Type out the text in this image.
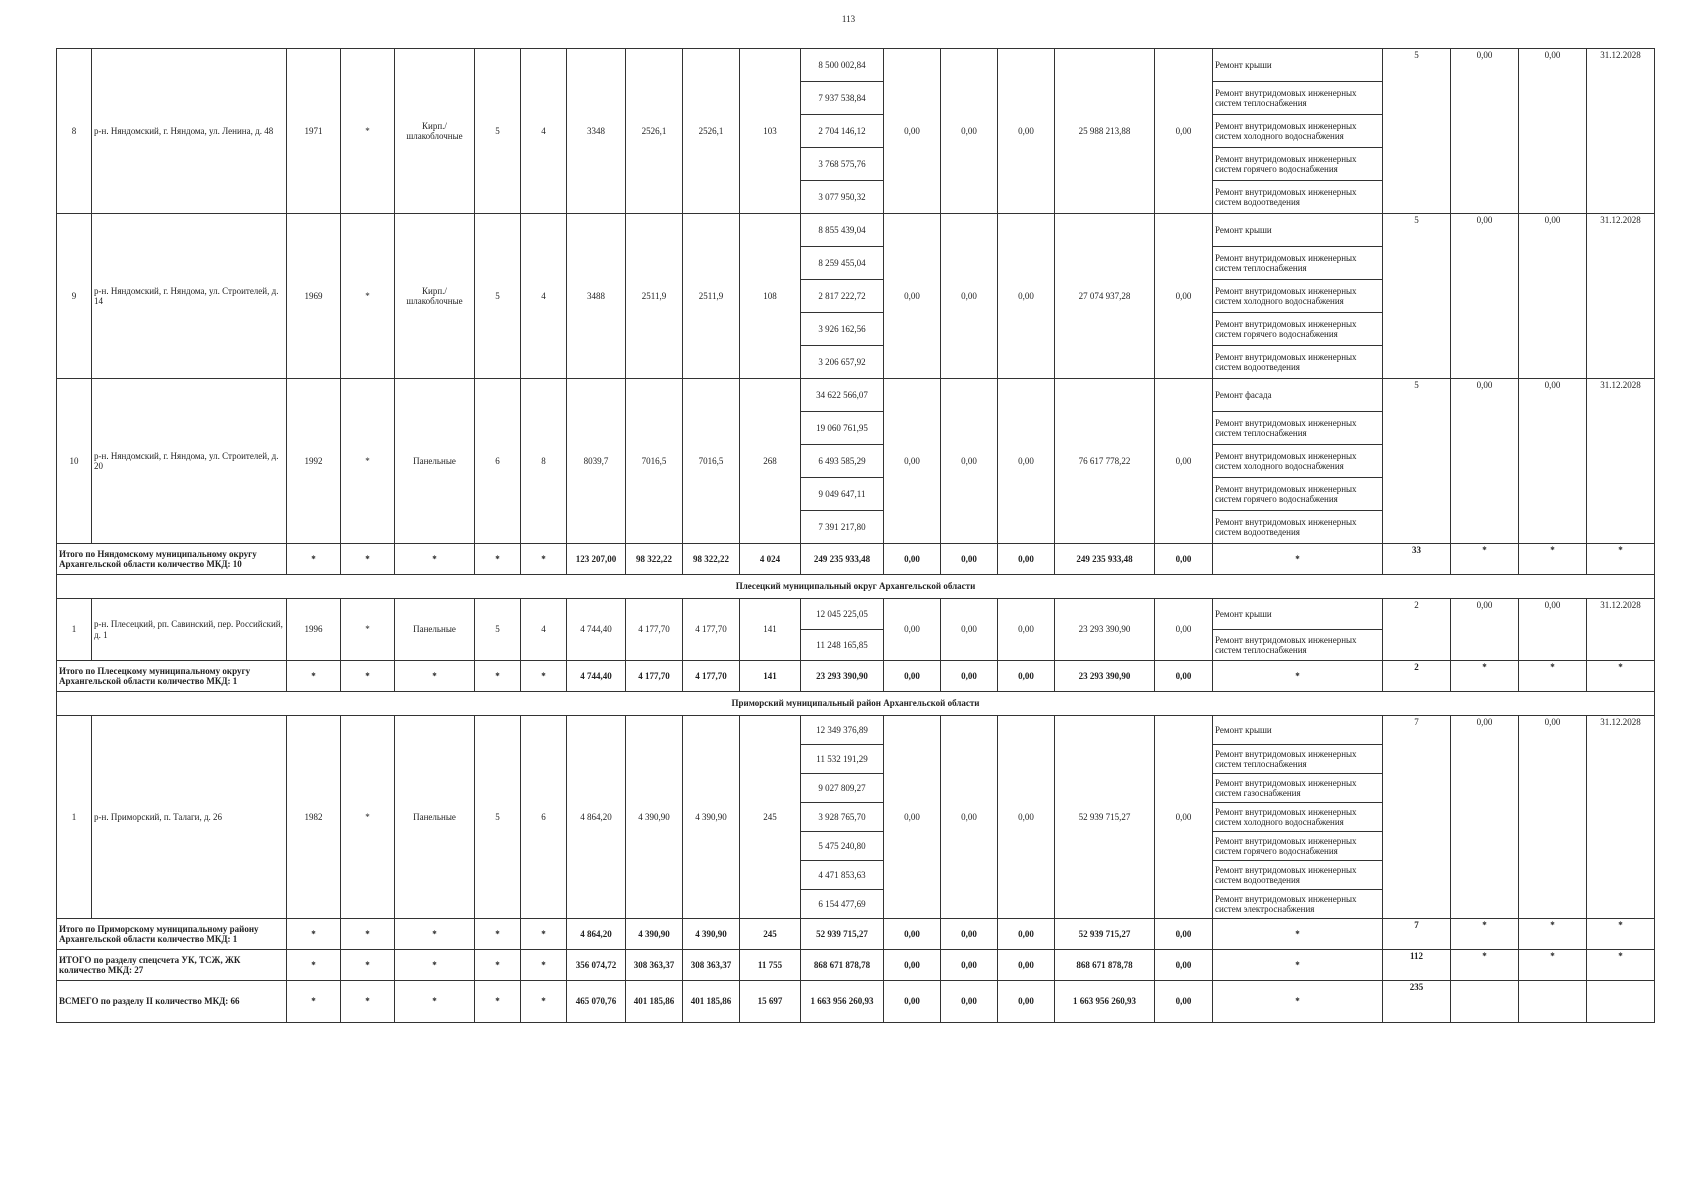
113
8	р-н. Няндомский, г. Няндома, ул. Ленина, д. 48	1971	*	Кирп./ шлакоблочные	5	4	3348	2526,1	2526,1	103	8 500 002,84	0,00	0,00	0,00	25 988 213,88	0,00	Ремонт крыши	5	0,00	0,00	31.12.2028
											7 937 538,84						Ремонт внутридомовых инженерных систем теплоснабжения				
											2 704 146,12						Ремонт внутридомовых инженерных систем холодного водоснабжения				
											3 768 575,76						Ремонт внутридомовых инженерных систем горячего водоснабжения				
											3 077 950,32						Ремонт внутридомовых инженерных систем водоотведения				
9	р-н. Няндомский, г. Няндома, ул. Строителей, д. 14	1969	*	Кирп./ шлакоблочные	5	4	3488	2511,9	2511,9	108	8 855 439,04	0,00	0,00	0,00	27 074 937,28	0,00	Ремонт крыши	5	0,00	0,00	31.12.2028
											8 259 455,04						Ремонт внутридомовых инженерных систем теплоснабжения				
											2 817 222,72						Ремонт внутридомовых инженерных систем холодного водоснабжения				
											3 926 162,56						Ремонт внутридомовых инженерных систем горячего водоснабжения				
											3 206 657,92						Ремонт внутридомовых инженерных систем водоотведения				
10	р-н. Няндомский, г. Няндома, ул. Строителей, д. 20	1992	*	Панельные	6	8	8039,7	7016,5	7016,5	268	34 622 566,07	0,00	0,00	0,00	76 617 778,22	0,00	Ремонт фасада	5	0,00	0,00	31.12.2028
											19 060 761,95						Ремонт внутридомовых инженерных систем теплоснабжения				
											6 493 585,29						Ремонт внутридомовых инженерных систем холодного водоснабжения				
											9 049 647,11						Ремонт внутридомовых инженерных систем горячего водоснабжения				
											7 391 217,80						Ремонт внутридомовых инженерных систем водоотведения				
Итого по Няндомскому муниципальному округу Архангельской области количество МКД: 10		*	*	*	*	*	123 207,00	98 322,22	98 322,22	4 024	249 235 933,48	0,00	0,00	0,00	249 235 933,48	0,00	*	33	*	*	*
Плесецкий муниципальный округ Архангельской области																					
1	р-н. Плесецкий, рп. Савинский, пер. Российский, д. 1	1996	*	Панельные	5	4	4 744,40	4 177,70	4 177,70	141	12 045 225,05	0,00	0,00	0,00	23 293 390,90	0,00	Ремонт крыши	2	0,00	0,00	31.12.2028
											11 248 165,85						Ремонт внутридомовых инженерных систем теплоснабжения				
Итого по Плесецкому муниципальному округу Архангельской области количество МКД: 1		*	*	*	*	*	4 744,40	4 177,70	4 177,70	141	23 293 390,90	0,00	0,00	0,00	23 293 390,90	0,00	*	2	*	*	*
Приморский муниципальный район Архангельской области																					
1	р-н. Приморский, п. Талаги, д. 26	1982	*	Панельные	5	6	4 864,20	4 390,90	4 390,90	245	12 349 376,89	0,00	0,00	0,00	52 939 715,27	0,00	Ремонт крыши	7	0,00	0,00	31.12.2028
											11 532 191,29						Ремонт внутридомовых инженерных систем теплоснабжения				
											9 027 809,27						Ремонт внутридомовых инженерных систем газоснабжения				
											3 928 765,70						Ремонт внутридомовых инженерных систем холодного водоснабжения				
											5 475 240,80						Ремонт внутридомовых инженерных систем горячего водоснабжения				
											4 471 853,63						Ремонт внутридомовых инженерных систем водоотведения				
											6 154 477,69						Ремонт внутридомовых инженерных систем электроснабжения				
Итого по Приморскому муниципальному району Архангельской области количество МКД: 1		*	*	*	*	*	4 864,20	4 390,90	4 390,90	245	52 939 715,27	0,00	0,00	0,00	52 939 715,27	0,00	*	7	*	*	*
ИТОГО по разделу спецсчета УК, ТСЖ, ЖК количество МКД: 27		*	*	*	*	*	356 074,72	308 363,37	308 363,37	11 755	868 671 878,78	0,00	0,00	0,00	868 671 878,78	0,00	*	112	*	*	*
ВСМЕГО по разделу II количество МКД: 66		*	*	*	*	*	465 070,76	401 185,86	401 185,86	15 697	1 663 956 260,93	0,00	0,00	0,00	1 663 956 260,93	0,00	*	235			
